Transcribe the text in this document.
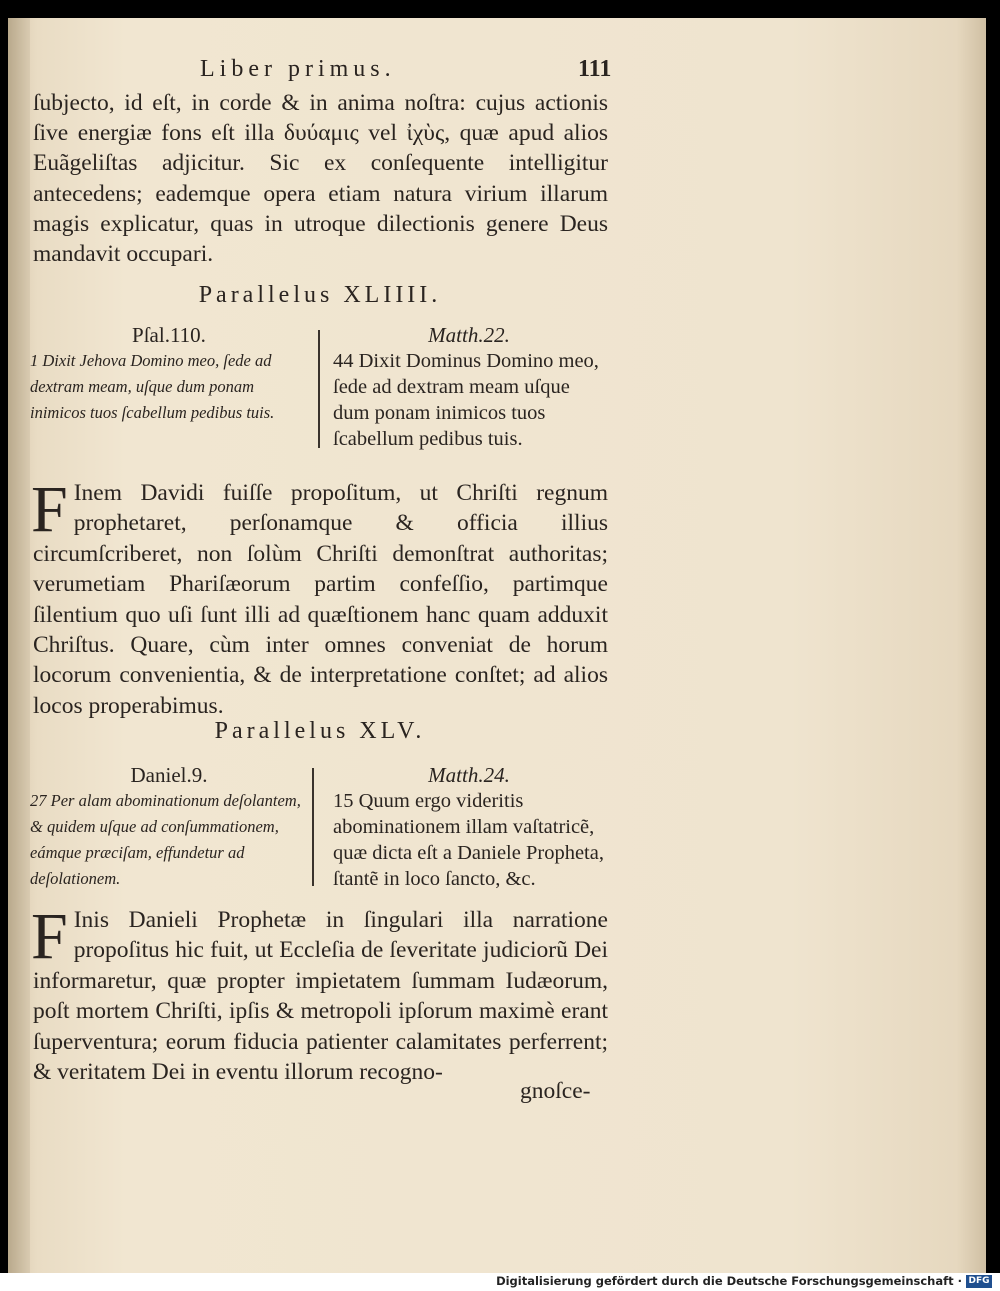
Liber primus.	111
ſubjecto, id eſt, in corde & in anima noſtra: cujus actionis ſive energiæ fons eſt illa δυύαμις vel ἰχὺς, quæ apud alios Euãgeliſtas adjicitur. Sic ex conſequente intelligitur antecedens; eademque opera etiam natura virium illarum magis explicatur, quas in utroque dilectionis genere Deus mandavit occupari.
Parallelus XLIIII.
Pſal.110.
1 Dixit Jehova Domino meo, ſede ad dextram meam, uſque dum ponam inimicos tuos ſcabellum pedibus tuis.
Matth.22.
44 Dixit Dominus Domino meo, ſede ad dextram meam uſque dum ponam inimicos tuos ſcabellum pedibus tuis.
F Inem Davidi fuiſſe propoſitum, ut Chriſti regnum prophetaret, perſonamque & officia illius circumſcriberet, non ſolùm Chriſti demonſtrat authoritas; verumetiam Phariſæorum partim confeſſio, partimque ſilentium quo uſi ſunt illi ad quæſtionem hanc quam adduxit Chriſtus. Quare, cùm inter omnes conveniat de horum locorum convenientia, & de interpretatione conſtet; ad alios locos properabimus.
Parallelus XLV.
Daniel.9.
27 Per alam abominationum deſolantem, & quidem uſque ad conſummationem, eámque præciſam, effundetur ad deſolationem.
Matth.24.
15 Quum ergo videritis abominationem illam vaſtatricẽ, quæ dicta eſt a Daniele Propheta, ſtantẽ in loco ſancto, &c.
F Inis Danieli Prophetæ in ſingulari illa narratione propoſitus hic fuit, ut Eccleſia de ſeveritate judiciorũ Dei informaretur, quæ propter impietatem ſummam Iudæorum, poſt mortem Chriſti, ipſis & metropoli ipſorum maximè erant ſuperventura; eorum fiducia patienter calamitates perferrent; & veritatem Dei in eventu illorum recogno-
gnoſce-
Digitalisierung gefördert durch die Deutsche Forschungsgemeinschaft · DFG
